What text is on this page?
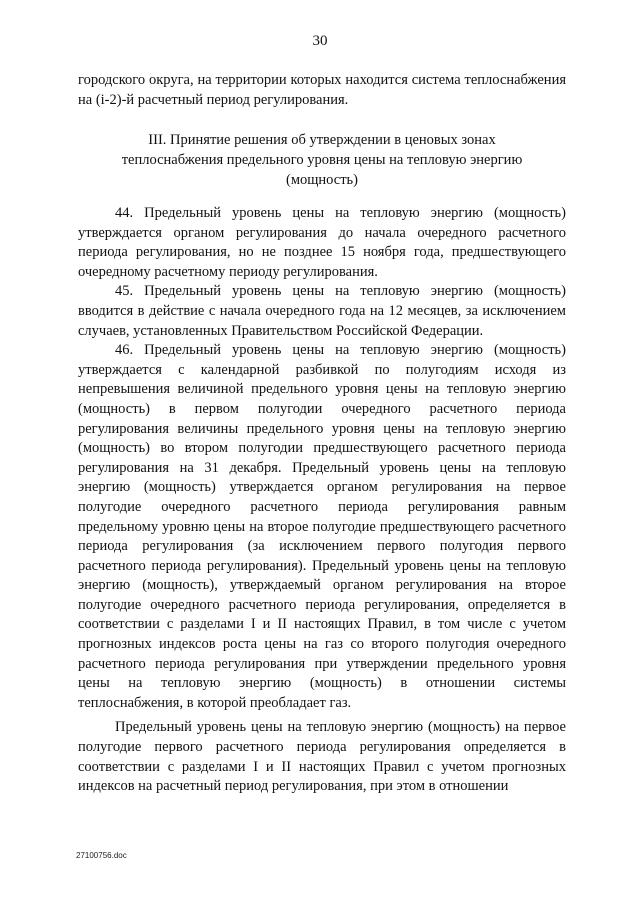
30

городского округа, на территории которых находится система теплоснабжения на (i-2)-й расчетный период регулирования.

III. Принятие решения об утверждении в ценовых зонах теплоснабжения предельного уровня цены на тепловую энергию (мощность)

44. Предельный уровень цены на тепловую энергию (мощность) утверждается органом регулирования до начала очередного расчетного периода регулирования, но не позднее 15 ноября года, предшествующего очередному расчетному периоду регулирования.

45. Предельный уровень цены на тепловую энергию (мощность) вводится в действие с начала очередного года на 12 месяцев, за исключением случаев, установленных Правительством Российской Федерации.

46. Предельный уровень цены на тепловую энергию (мощность) утверждается с календарной разбивкой по полугодиям исходя из непревышения величиной предельного уровня цены на тепловую энергию (мощность) в первом полугодии очередного расчетного периода регулирования величины предельного уровня цены на тепловую энергию (мощность) во втором полугодии предшествующего расчетного периода регулирования на 31 декабря. Предельный уровень цены на тепловую энергию (мощность) утверждается органом регулирования на первое полугодие очередного расчетного периода регулирования равным предельному уровню цены на второе полугодие предшествующего расчетного периода регулирования (за исключением первого полугодия первого расчетного периода регулирования). Предельный уровень цены на тепловую энергию (мощность), утверждаемый органом регулирования на второе полугодие очередного расчетного периода регулирования, определяется в соответствии с разделами I и II настоящих Правил, в том числе с учетом прогнозных индексов роста цены на газ со второго полугодия очередного расчетного периода регулирования при утверждении предельного уровня цены на тепловую энергию (мощность) в отношении системы теплоснабжения, в которой преобладает газ.

Предельный уровень цены на тепловую энергию (мощность) на первое полугодие первого расчетного периода регулирования определяется в соответствии с разделами I и II настоящих Правил с учетом прогнозных индексов на расчетный период регулирования, при этом в отношении

27100756.doc
